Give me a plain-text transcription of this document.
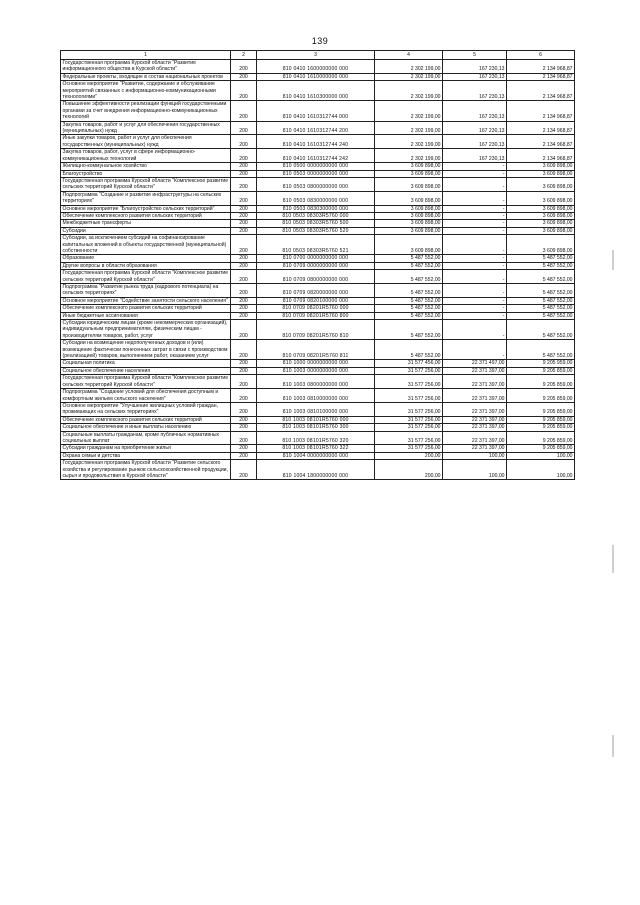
139
1	2	3	4	5	6
Государственная программа Курской области "Развитие информационного общества в Курской области"	200	810 0410 1600000000 000	2 302 199,00	167 230,13	2 134 968,87
Федеральные проекты, входящие в состав национальных проектов	200	810 0410 1610000000 000	2 302 199,00	167 230,13	2 134 968,87
Основное мероприятие "Развитие, содержание и обслуживание мероприятий связанных с информационно-коммуникационными технологиями"	200	810 0410 1610300000 000	2 302 199,00	167 230,13	2 134 968,87
Повышение эффективности реализации функций государственными органами за счет внедрения информационно-коммуникационных технологий	200	810 0410 1610312744 000	2 302 199,00	167 230,13	2 134 968,87
Закупка товаров, работ и услуг для обеспечения государственных (муниципальных) нужд	200	810 0410 1610312744 200	2 302 199,00	167 230,13	2 134 968,87
Иные закупки товаров, работ и услуг для обеспечения государственных (муниципальных) нужд	200	810 0410 1610312744 240	2 302 199,00	167 230,13	2 134 968,87
Закупка товаров, работ, услуг в сфере информационно-коммуникационных технологий	200	810 0410 1610312744 242	2 302 199,00	167 230,13	2 134 968,87
Жилищно-коммунальное хозяйство	200	810 0500 0000000000 000	3 609 898,00	-	3 609 898,00
Благоустройство	200	810 0503 0000000000 000	3 609 898,00	-	3 609 898,00
Государственная программа Курской области "Комплексное развитие сельских территорий Курской области"	200	810 0503 0800000000 000	3 609 898,00	-	3 609 898,00
Подпрограмма "Создание и развитие инфраструктуры на сельских территориях"	200	810 0503 0830000000 000	3 609 898,00	-	3 609 898,00
Основное мероприятие "Благоустройство сельских территорий"	200	810 0503 0830300000 000	3 609 898,00	-	3 609 898,00
Обеспечение комплексного развития сельских территорий	200	810 0503 08303R5760 000	3 609 898,00	-	3 609 898,00
Межбюджетные трансферты	200	810 0503 08303R5760 500	3 609 898,00	-	3 609 898,00
Субсидии	200	810 0503 08303R5760 520	3 609 898,00	-	3 609 898,00
Субсидии, за исключением субсидий на софинансирование капитальных вложений в объекты государственной (муниципальной) собственности	200	810 0503 08303R5760 521	3 609 898,00	-	3 609 898,00
Образование	200	810 0700 0000000000 000	5 487 552,00	-	5 487 552,00
Другие вопросы в области образования	200	810 0709 0000000000 000	5 487 552,00	-	5 487 552,00
Государственная программа Курской области "Комплексное развитие сельских территорий Курской области"	200	810 0709 0800000000 000	5 487 552,00	-	5 487 552,00
Подпрограмма "Развитие рынка труда (кадрового потенциала) на сельских территориях"	200	810 0709 0820000000 000	5 487 552,00	-	5 487 552,00
Основное мероприятие "Содействие занятости сельского населения"	200	810 0709 0820100000 000	5 487 552,00	-	5 487 552,00
Обеспечение комплексного развития сельских территорий	200	810 0709 08201R5760 000	5 487 552,00	-	5 487 552,00
Иные бюджетные ассигнования	200	810 0709 08201R5760 800	5 487 552,00	-	5 487 552,00
Субсидии юридическим лицам (кроме некоммерческих организаций), индивидуальным предпринимателям, физическим лицам - производителям товаров, работ, услуг	200	810 0709 08201R5760 810	5 487 552,00	-	5 487 552,00
Субсидии на возмещение недополученных доходов и (или) возмещение фактически понесенных затрат в связи с производством (реализацией) товаров, выполнением работ, оказанием услуг	200	810 0709 08201R5760 811	5 487 552,00	-	5 487 552,00
Социальная политика	200	810 1000 0000000000 000	31 577 456,00	22 371 497,00	9 205 959,00
Социальное обеспечение населения	200	810 1003 0000000000 000	31 577 256,00	22 371 397,00	9 205 859,00
Государственная программа Курской области "Комплексное развитие сельских территорий Курской области"	200	810 1003 0800000000 000	31 577 256,00	22 371 397,00	9 205 859,00
Подпрограмма "Создание условий для обеспечения доступным и комфортным жильем сельского населения"	200	810 1003 0810000000 000	31 577 256,00	22 371 397,00	9 205 859,00
Основное мероприятие "Улучшение жилищных условий граждан, проживающих на сельских территориях"	200	810 1003 0810100000 000	31 577 256,00	22 371 397,00	9 205 859,00
Обеспечение комплексного развития сельских территорий	200	810 1003 08101R5760 000	31 577 256,00	22 371 397,00	9 205 859,00
Социальное обеспечение и иные выплаты населению	200	810 1003 08101R5760 300	31 577 256,00	22 371 397,00	9 205 859,00
Социальные выплаты гражданам, кроме публичных нормативных социальных выплат	200	810 1003 08101R5760 320	31 577 256,00	22 371 397,00	9 205 859,00
Субсидии гражданам на приобретение жилья	200	810 1003 08101R5760 322	31 577 256,00	22 371 397,00	9 205 859,00
Охрана семьи и детства	200	810 1004 0000000000 000	200,00	100,00	100,00
Государственная программа Курской области "Развитие сельского хозяйства и регулирование рынков сельскохозяйственной продукции, сырья и продовольствия в Курской области"	200	810 1004 1800000000 000	200,00	100,00	100,00
